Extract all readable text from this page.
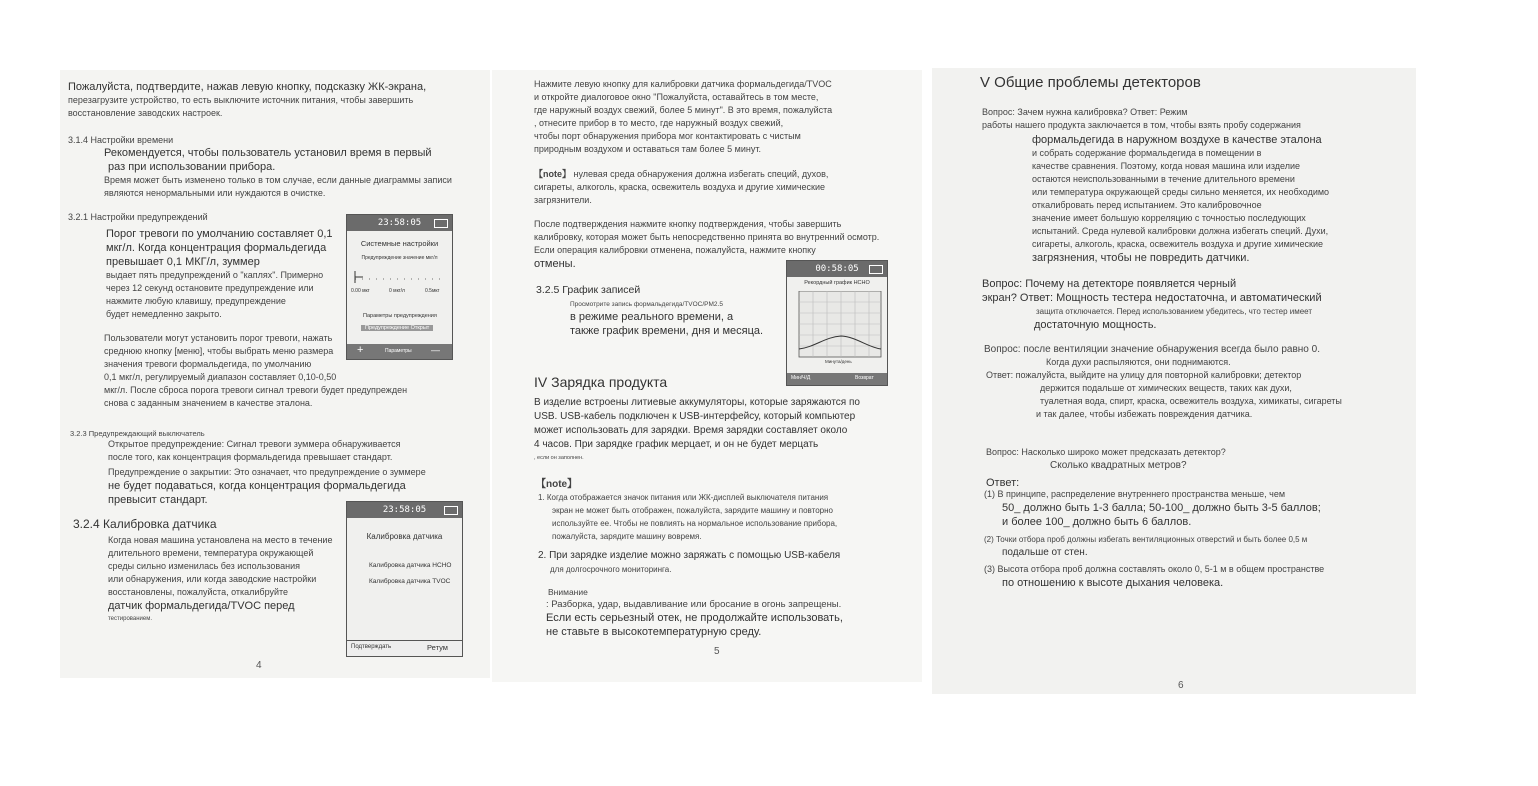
Пожалуйста, подтвердите, нажав левую кнопку, подсказку ЖК-экрана,
перезагрузите устройство, то есть выключите источник питания, чтобы завершить
восстановление заводских настроек.
3.1.4 Настройки времени
Рекомендуется, чтобы пользователь установил время в первый
раз при использовании прибора.
Время может быть изменено только в том случае, если данные диаграммы записи
являются ненормальными или нуждаются в очистке.
3.2.1 Настройки предупреждений
Порог тревоги по умолчанию составляет 0,1
мкг/л. Когда концентрация формальдегида
превышает 0,1 МКГ/л, зуммер
выдает пять предупреждений о "каплях". Примерно
через 12 секунд остановите предупреждение или
нажмите любую клавишу, предупреждение
будет немедленно закрыто.
Пользователи могут установить порог тревоги, нажать
среднюю кнопку [меню], чтобы выбрать меню размера
значения тревоги формальдегида, по умолчанию
0,1 мкг/л, регулируемый диапазон составляет 0,10-0,50
мкг/л. После сброса порога тревоги сигнал тревоги будет предупрежден
снова с заданным значением в качестве эталона.
23:58:05
Системные настройки
Предупреждение значение мкг/л
0.00 мкг	0 мкг/л	0.5мкг
Параметры предупреждения
Предупреждение Открыт
+	Параметры —
3.2.3 Предупреждающий выключатель
Открытое предупреждение: Сигнал тревоги зуммера обнаруживается
после того, как концентрация формальдегида превышает стандарт.
Предупреждение о закрытии: Это означает, что предупреждение о зуммере
не будет подаваться, когда концентрация формальдегида
превысит стандарт.
3.2.4 Калибровка датчика
Когда новая машина установлена на место в течение
длительного времени, температура окружающей
среды сильно изменилась без использования
или обнаружения, или когда заводские настройки
восстановлены, пожалуйста, откалибруйте
датчик формальдегида/TVOC перед
тестированием.
23:58:05
Калибровка датчика
Калибровка датчика HCHO
Калибровка датчика TVOC
Подтверждать	Ретум
4
Нажмите левую кнопку для калибровки датчика формальдегида/TVOC
и откройте диалоговое окно "Пожалуйста, оставайтесь в том месте,
где наружный воздух свежий, более 5 минут". В это время, пожалуйста
, отнесите прибор в то место, где наружный воздух свежий,
чтобы порт обнаружения прибора мог контактировать с чистым
природным воздухом и оставаться там более 5 минут.
【note】 нулевая среда обнаружения должна избегать специй, духов,
сигареты, алкоголь, краска, освежитель воздуха и другие химические
загрязнители.
После подтверждения нажмите кнопку подтверждения, чтобы завершить
калибровку, которая может быть непосредственно принята во внутренний осмотр.
Если операция калибровки отменена, пожалуйста, нажмите кнопку
отмены.
3.2.5 График записей
Просмотрите запись формальдегида/TVOC/PM2.5
в режиме реального времени, а
также график времени, дня и месяца.
00:58:05
Рекордный график HCHO
Минута/день
Мин/Ч/Д	Возврат
IV Зарядка продукта
В изделие встроены литиевые аккумуляторы, которые заряжаются по
USB. USB-кабель подключен к USB-интерфейсу, который компьютер
может использовать для зарядки. Время зарядки составляет около
4 часов. При зарядке график мерцает, и он не будет мерцать
, если он заполнен.
【note】
1. Когда отображается значок питания или ЖК-дисплей выключателя питания
экран не может быть отображен, пожалуйста, зарядите машину и повторно
используйте ее. Чтобы не повлиять на нормальное использование прибора,
пожалуйста, зарядите машину вовремя.
2. При зарядке изделие можно заряжать с помощью USB-кабеля
для долгосрочного мониторинга.
Внимание
: Разборка, удар, выдавливание или бросание в огонь запрещены.
Если есть серьезный отек, не продолжайте использовать,
не ставьте в высокотемпературную среду.
5
V Общие проблемы детекторов
Вопрос: Зачем нужна калибровка? Ответ: Режим
работы нашего продукта заключается в том, чтобы взять пробу содержания
формальдегида в наружном воздухе в качестве эталона
и собрать содержание формальдегида в помещении в
качестве сравнения. Поэтому, когда новая машина или изделие
остаются неиспользованными в течение длительного времени
или температура окружающей среды сильно меняется, их необходимо
откалибровать перед испытанием. Это калибровочное
значение имеет большую корреляцию с точностью последующих
испытаний. Среда нулевой калибровки должна избегать специй. Духи,
сигареты, алкоголь, краска, освежитель воздуха и другие химические
загрязнения, чтобы не повредить датчики.
Вопрос: Почему на детекторе появляется черный
экран? Ответ: Мощность тестера недостаточна, и автоматический
защита отключается. Перед использованием убедитесь, что тестер имеет
достаточную мощность.
Вопрос: после вентиляции значение обнаружения всегда было равно 0.
Когда духи распыляются, они поднимаются.
Ответ: пожалуйста, выйдите на улицу для повторной калибровки; детектор
держится подальше от химических веществ, таких как духи,
туалетная вода, спирт, краска, освежитель воздуха, химикаты, сигареты
и так далее, чтобы избежать повреждения датчика.
Вопрос: Насколько широко может предсказать детектор?
Сколько квадратных метров?
Ответ:
(1) В принципе, распределение внутреннего пространства меньше, чем
50_ должно быть 1-3 балла; 50-100_ должно быть 3-5 баллов;
и более 100_ должно быть 6 баллов.
(2) Точки отбора проб должны избегать вентиляционных отверстий и быть более 0,5 м
подальше от стен.
(3) Высота отбора проб должна составлять около 0, 5-1 м в общем пространстве
по отношению к высоте дыхания человека.
6
